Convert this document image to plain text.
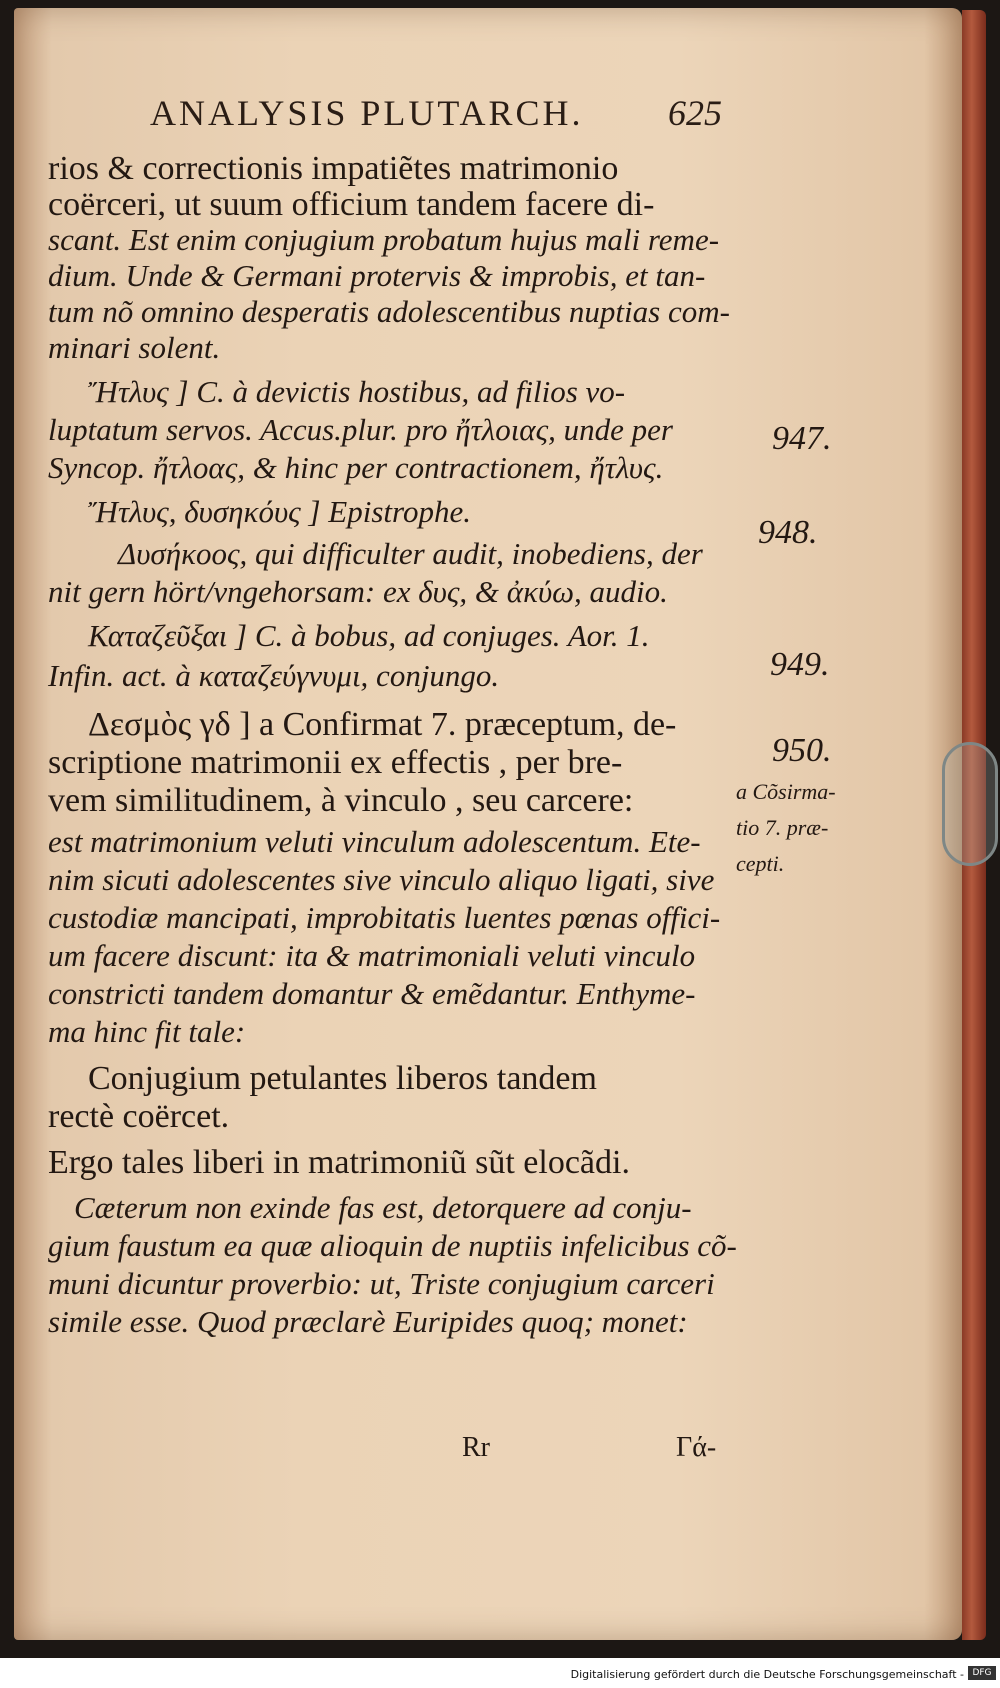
ANALYSIS PLUTARCH.	625
rios & correctionis impatiẽtes matrimonio
coërceri, ut suum officium tandem facere di-
scant. Est enim conjugium probatum hujus mali reme-
dium. Unde & Germani protervis & improbis, et tan-
tum nõ omnino desperatis adolescentibus nuptias com-
minari solent.
Ἤτλυς ] C. à devictis hostibus, ad filios vo-
luptatum servos. Accus.plur. pro ἤτλοιας, unde per
Syncop. ἤτλοας, & hinc per contractionem, ἤτλυς.
Ἤτλυς, δυσηκόυς ] Epistrophe.
Δυσήκοος, qui difficulter audit, inobediens, der
nit gern hört/vngehorsam: ex δυς, & ἀκύω, audio.
Καταζεῦξαι ] C. à bobus, ad conjuges. Aor. 1.
Infin. act. à καταζεύγνυμι, conjungo.
Δεσμὸς γδ ] a Confirmat 7. præceptum, de-
scriptione matrimonii ex effectis , per bre-
vem similitudinem, à vinculo , seu carcere:
est matrimonium veluti vinculum adolescentum. Ete-
nim sicuti adolescentes sive vinculo aliquo ligati, sive
custodiæ mancipati, improbitatis luentes pœnas offici-
um facere discunt: ita & matrimoniali veluti vinculo
constricti tandem domantur & emẽdantur. Enthyme-
ma hinc fit tale:
Conjugium petulantes liberos tandem
rectè coërcet.
Ergo tales liberi in matrimoniũ sũt elocãdi.
Cæterum non exinde fas est, detorquere ad conju-
gium faustum ea quæ alioquin de nuptiis infelicibus cõ-
muni dicuntur proverbio: ut, Triste conjugium carceri
simile esse. Quod præclarè Euripides quoq; monet:
947.
948.
949.
950.
a Cõsirma-
tio 7. præ-
cepti.
Rr	Γά-
Digitalisierung gefördert durch die Deutsche Forschungsgemeinschaft - DFG
